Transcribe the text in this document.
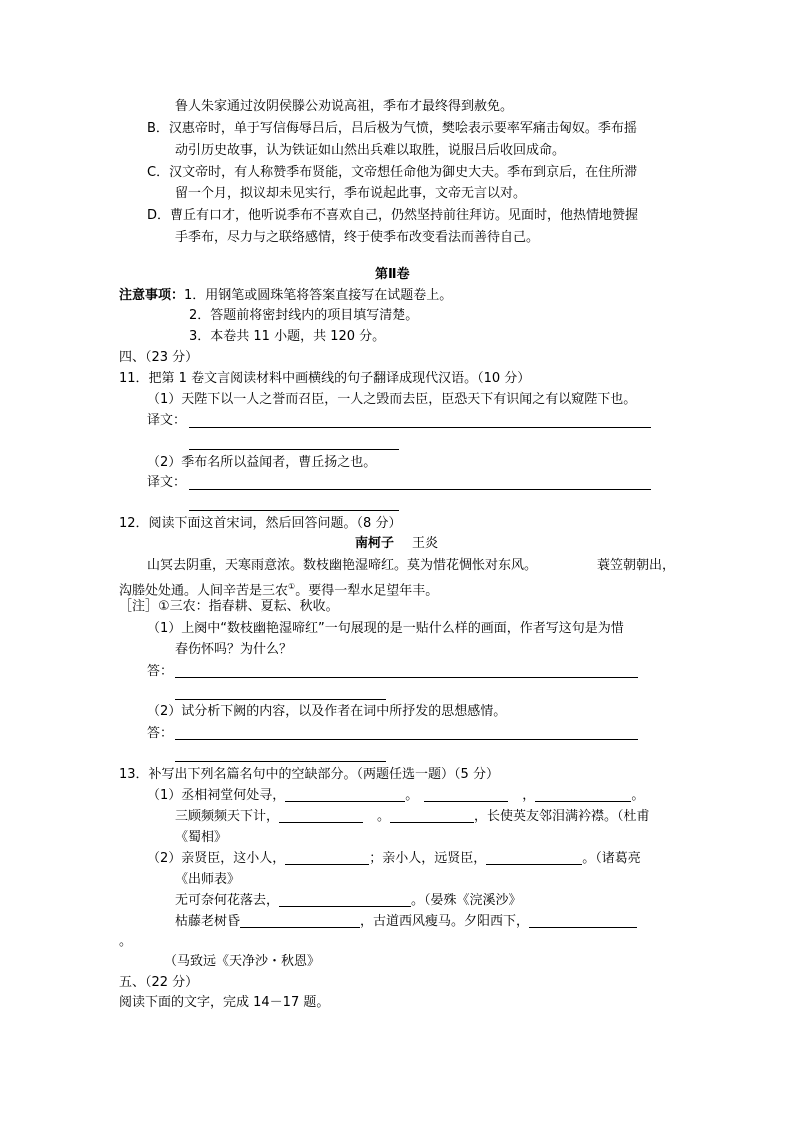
鲁人朱家通过汝阴侯滕公劝说高祖，季布才最终得到赦免。
B．汉惠帝时，单于写信侮辱吕后，吕后极为气愤，樊哙表示要率军痛击匈奴。季布摇
动引历史故事，认为铁证如山然出兵难以取胜，说服吕后收回成命。
C．汉文帝时，有人称赞季布贤能，文帝想任命他为御史大夫。季布到京后，在住所滞
留一个月，拟议却未见实行，季布说起此事，文帝无言以对。
D．曹丘有口才，他听说季布不喜欢自己，仍然坚持前往拜访。见面时，他热情地赞握
手季布，尽力与之联络感情，终于使季布改变看法而善待自己。
第Ⅱ卷
注意事项：1．用钢笔或圆珠笔将答案直接写在试题卷上。
2．答题前将密封线内的项目填写清楚。
3．本卷共 11 小题，共 120 分。
四、（23 分）
11．把第 1 卷文言阅读材料中画横线的句子翻译成现代汉语。（10 分）
（1）天陛下以一人之誉而召臣，一人之毁而去臣，臣恐天下有识闻之有以窥陛下也。
译文：
（2）季布名所以益闻者，曹丘扬之也。
译文：
12．阅读下面这首宋词，然后回答问题。（8 分）
南柯子 王炎
山冥去阴重，天寒雨意浓。数枝幽艳湿啼红。莫为惜花惆怅对东风。	蓑笠朝朝出，
沟塍处处通。人间辛苦是三农①。要得一犁水足望年丰。
［注］①三农：指春耕、夏耘、秋收。
（1）上阕中“数枝幽艳湿啼红”一句展现的是一贴什么样的画面，作者写这句是为惜
春伤怀吗？为什么？
答：
（2）试分析下阙的内容，以及作者在词中所抒发的思想感情。
答：
13．补写出下列名篇名句中的空缺部分。（两题任选一题）（5 分）
（1）丞相祠堂何处寻，	。	，	。
三顾频频天下计，	。	，长使英友邻泪满衿襟。（杜甫
《蜀相》
（2）亲贤臣，这小人，	；亲小人，远贤臣，	。（诸葛亮
《出师表》
无可奈何花落去，	。（晏殊《浣溪沙》
枯藤老树昏	，古道西风瘦马。夕阳西下，
。
（马致远《天净沙・秋恩》
五、（22 分）
阅读下面的文字，完成 14－17 题。
